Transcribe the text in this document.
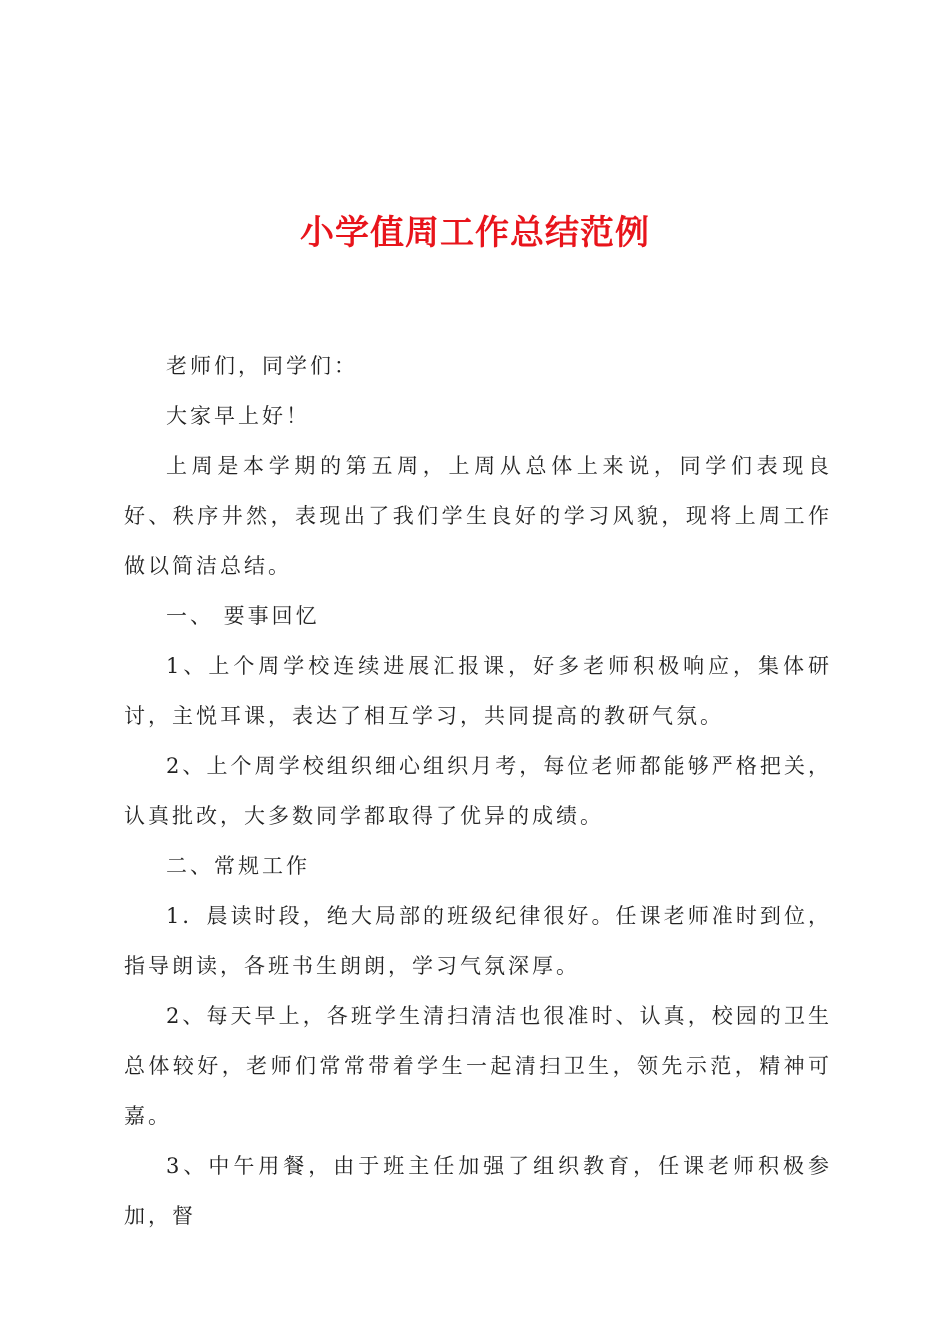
小学值周工作总结范例

老师们，同学们：

大家早上好！

上周是本学期的第五周，上周从总体上来说，同学们表现良好、秩序井然，表现出了我们学生良好的学习风貌，现将上周工作做以简洁总结。

一、 要事回忆

1、上个周学校连续进展汇报课，好多老师积极响应，集体研讨，主悦耳课，表达了相互学习，共同提高的教研气氛。

2、上个周学校组织细心组织月考，每位老师都能够严格把关，认真批改，大多数同学都取得了优异的成绩。

二、常规工作

1．晨读时段，绝大局部的班级纪律很好。任课老师准时到位，指导朗读，各班书生朗朗，学习气氛深厚。

2、每天早上，各班学生清扫清洁也很准时、认真，校园的卫生总体较好，老师们常常带着学生一起清扫卫生，领先示范，精神可嘉。

3、中午用餐，由于班主任加强了组织教育，任课老师积极参加，督
